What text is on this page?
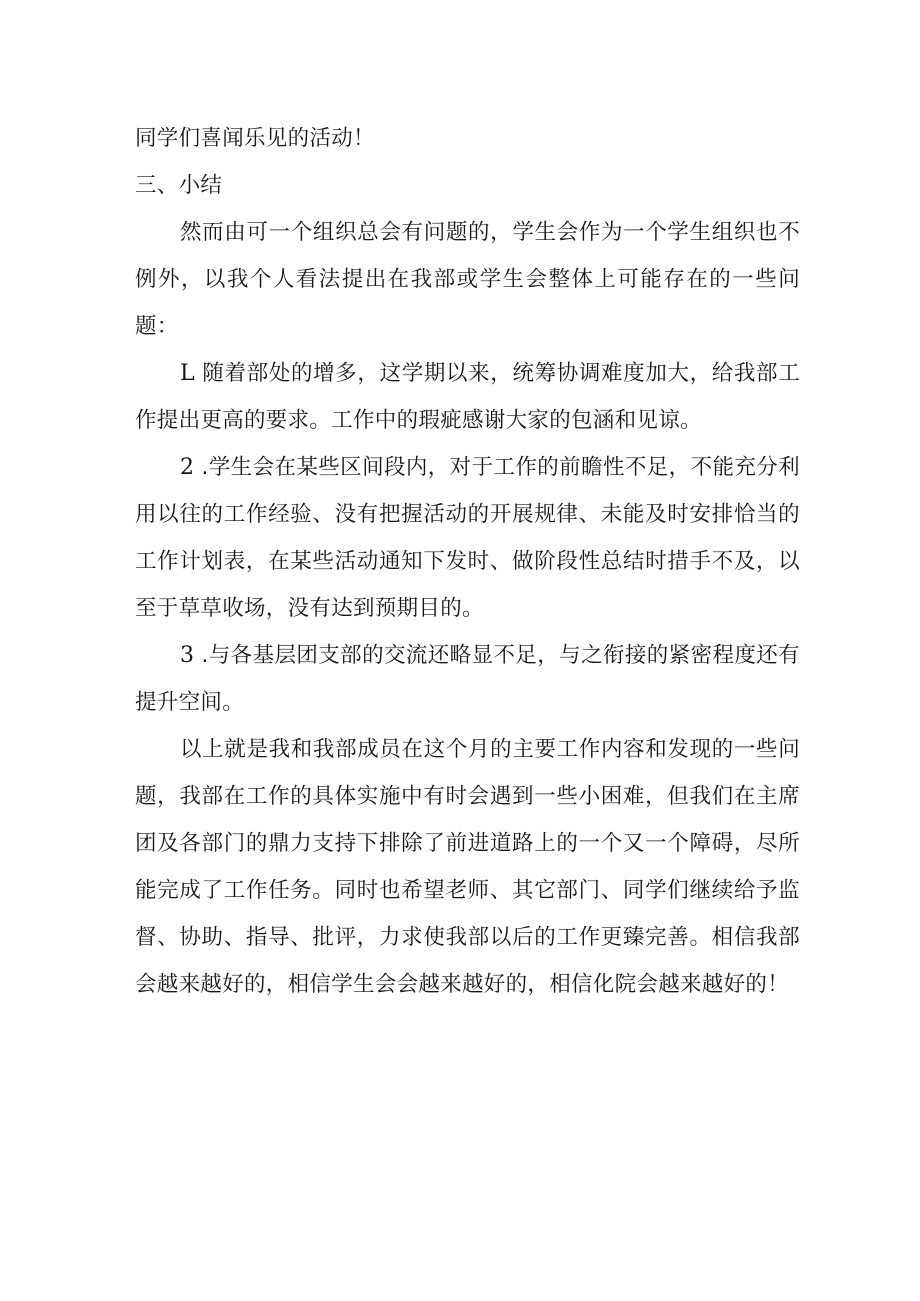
同学们喜闻乐见的活动！

三、小结

然而由可一个组织总会有问题的，学生会作为一个学生组织也不例外，以我个人看法提出在我部或学生会整体上可能存在的一些问题：

L 随着部处的增多，这学期以来，统筹协调难度加大，给我部工作提出更高的要求。工作中的瑕疵感谢大家的包涵和见谅。

2 .学生会在某些区间段内，对于工作的前瞻性不足，不能充分利用以往的工作经验、没有把握活动的开展规律、未能及时安排恰当的工作计划表，在某些活动通知下发时、做阶段性总结时措手不及，以至于草草收场，没有达到预期目的。

3 .与各基层团支部的交流还略显不足，与之衔接的紧密程度还有提升空间。

以上就是我和我部成员在这个月的主要工作内容和发现的一些问题，我部在工作的具体实施中有时会遇到一些小困难，但我们在主席团及各部门的鼎力支持下排除了前进道路上的一个又一个障碍，尽所能完成了工作任务。同时也希望老师、其它部门、同学们继续给予监督、协助、指导、批评，力求使我部以后的工作更臻完善。相信我部会越来越好的，相信学生会会越来越好的，相信化院会越来越好的！
